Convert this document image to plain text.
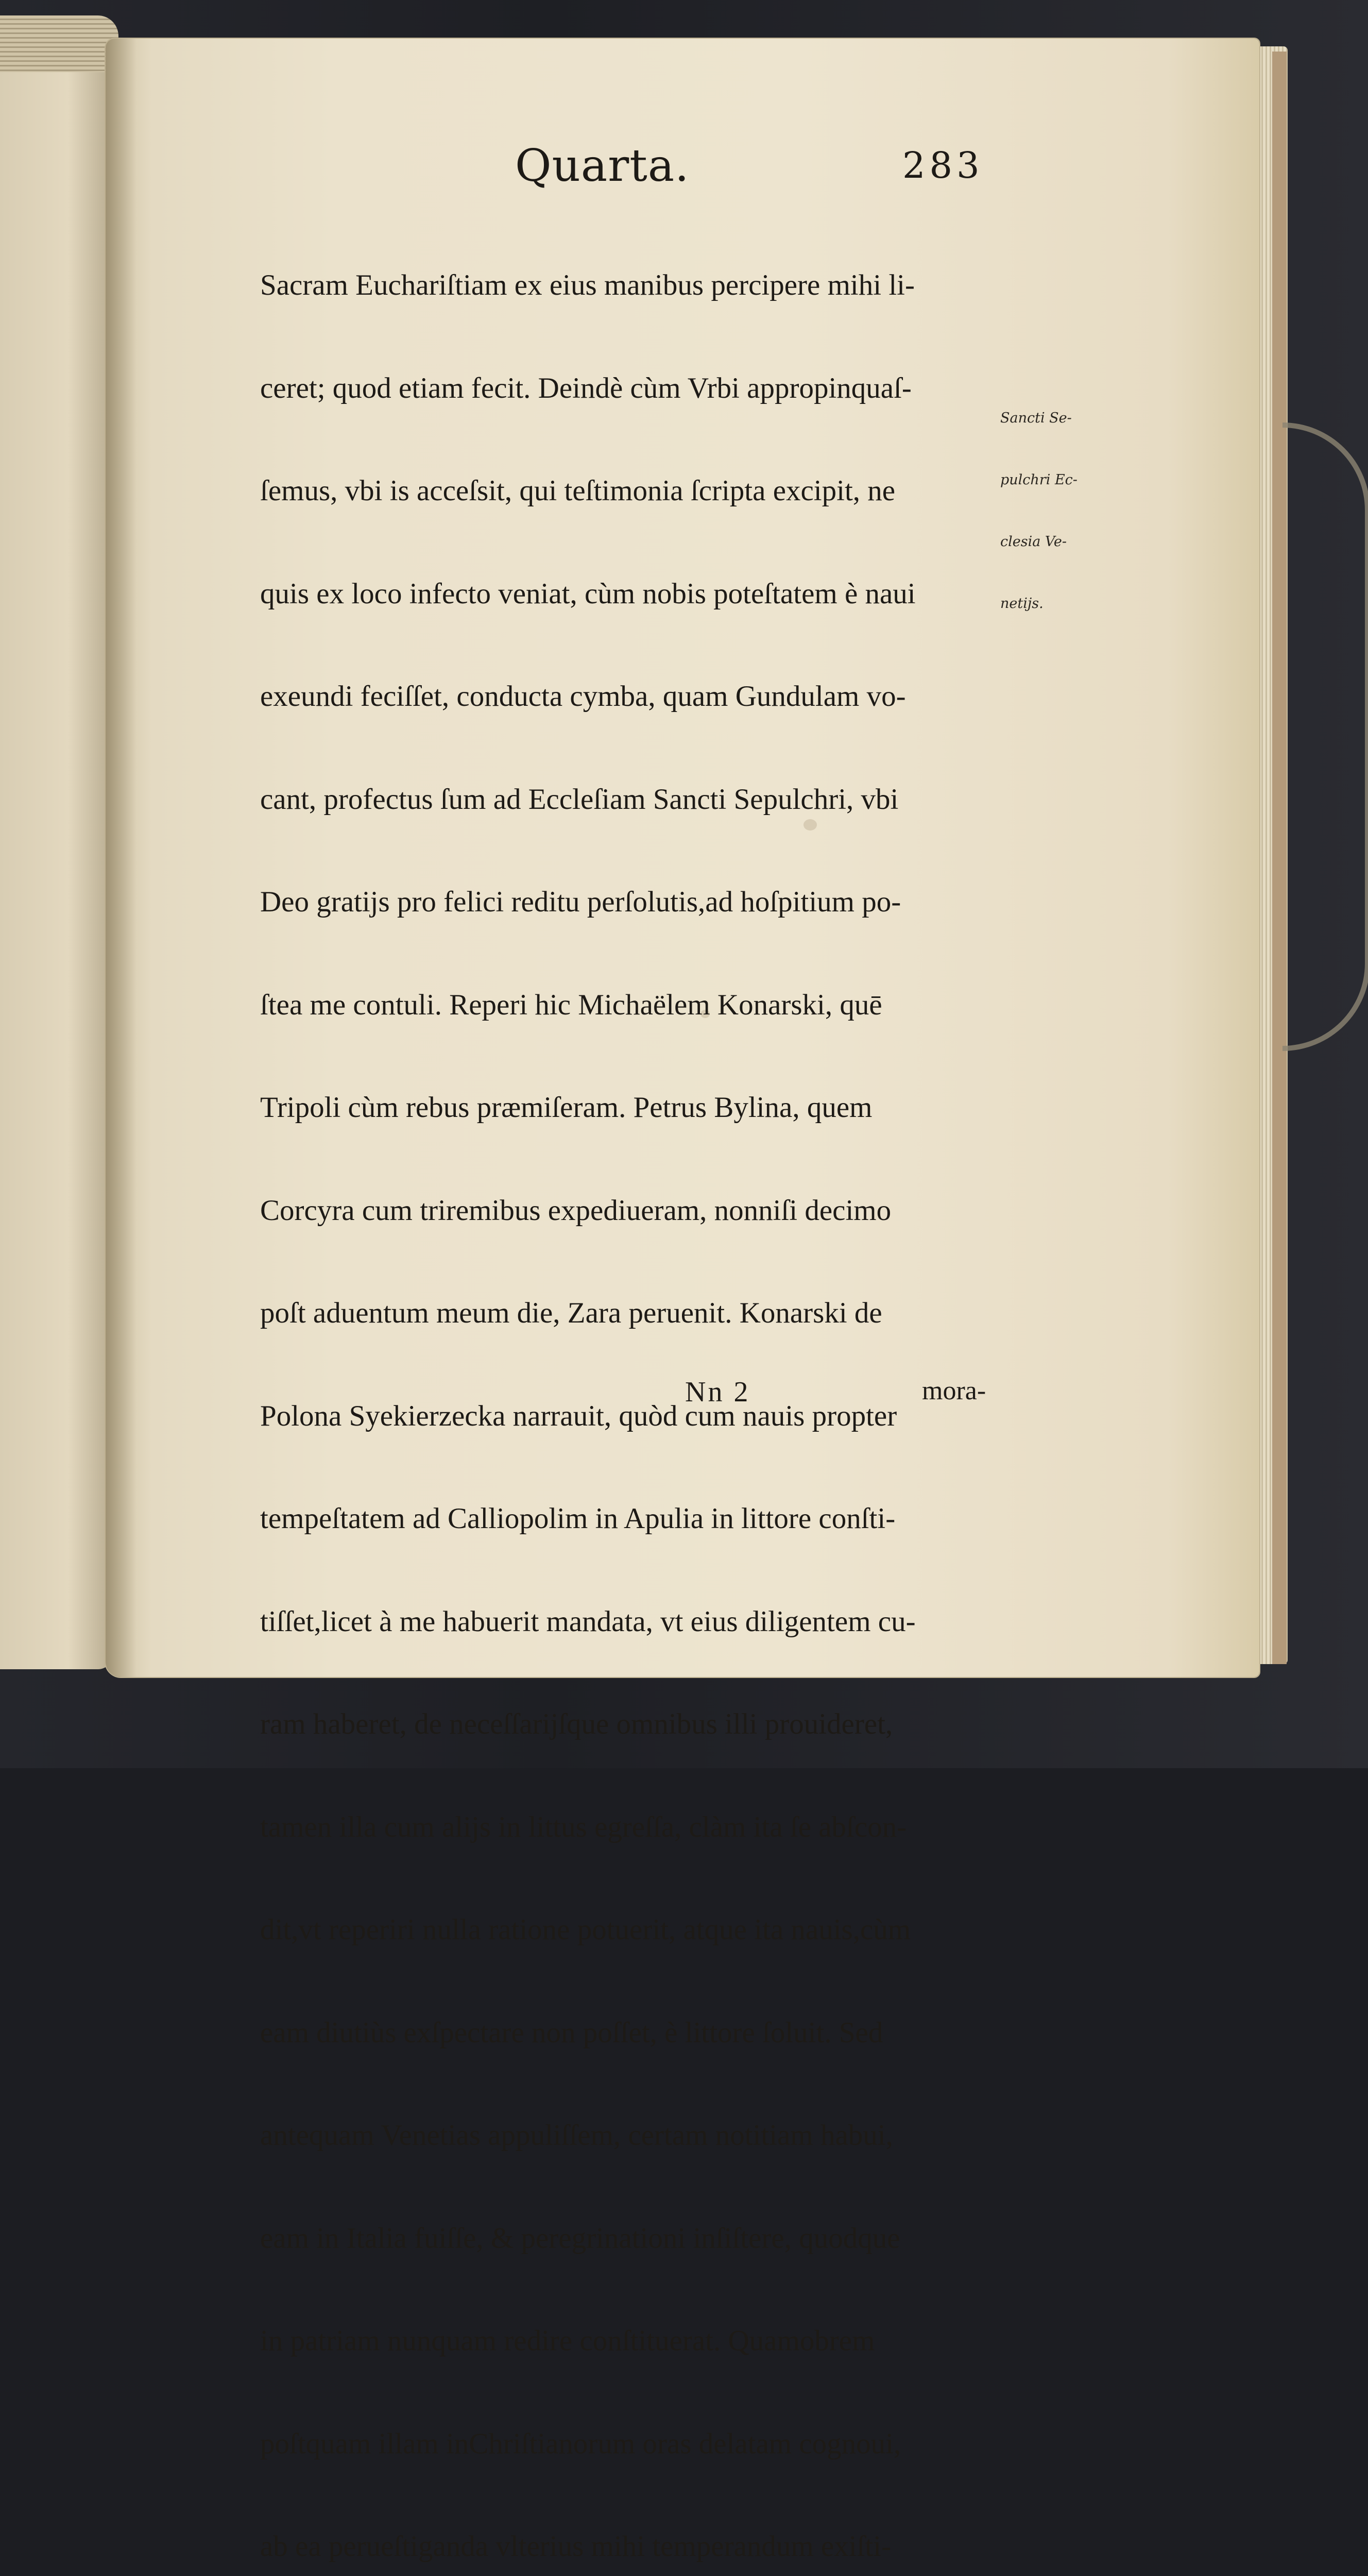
Quarta.	283

Sancti Se-

pulchri Ec-

clesia Ve-

netijs.

Sacram Euchariſtiam ex eius manibus percipere mihi li-

ceret; quod etiam fecit. Deindè cùm Vrbi appropinquaſ-

ſemus, vbi is acceſsit, qui teſtimonia ſcripta excipit, ne

quis ex loco infecto veniat, cùm nobis poteſtatem è naui

exeundi feciſſet, conducta cymba, quam Gundulam vo-

cant, profectus ſum ad Eccleſiam Sancti Sepulchri, vbi

Deo gratijs pro felici reditu perſolutis,ad hoſpitium po-

ſtea me contuli. Reperi hic Michaëlem Konarski, quē

Tripoli cùm rebus præmiſeram. Petrus Bylina, quem

Corcyra cum triremibus expediueram, nonniſi decimo

poſt aduentum meum die, Zara peruenit. Konarski de

Polona Syekierzecka narrauit, quòd cum nauis propter

tempeſtatem ad Calliopolim in Apulia in littore conſti-

tiſſet,licet à me habuerit mandata, vt eius diligentem cu-

ram haberet, de neceſſarijſque omnibus illi prouideret,

tamen illa cum alijs in littus egreſſa, clàm ita ſe abſcon-

dit,vt reperiri nulla ratione potuerit, atque ita nauis,cùm

eam diutiùs exſpectare non poſſet, è littore ſoluit. Sed

antequam Venetias appuliſſem, certam notitiam habui,

eam in Italia fuiſſe, & peregrinationi inſiſtere, quodque

in patriam nunquam redire conſtituerat. Quamobrem

poſtquam illam inChriſtianorum oras delatam cognoui,

ab ea perueſtiganda vlterius mihi temperandum exiſti-

Nn 2	mora-
